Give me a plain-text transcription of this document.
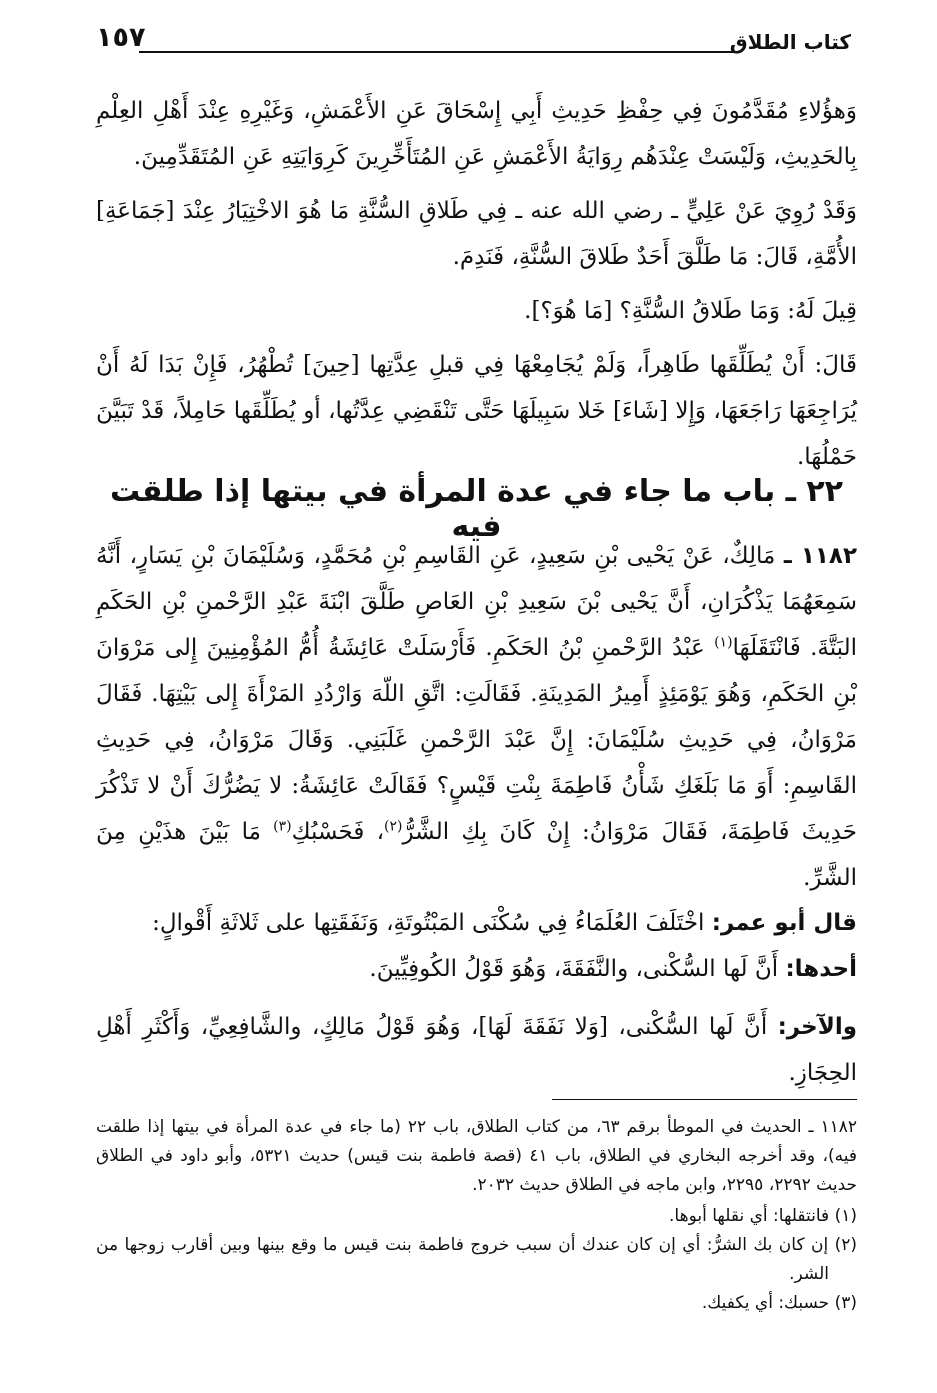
كتاب الطلاق
١٥٧

وَهؤُلاءِ مُقَدَّمُونَ فِي حِفْظِ حَدِيثِ أَبِي إِسْحَاقَ عَنِ الأَعْمَشِ، وَغَيْرِهِ عِنْدَ أَهْلِ العِلْمِ بِالحَدِيثِ، وَلَيْسَتْ عِنْدَهُم رِوَايَةُ الأَعْمَشِ عَنِ المُتَأَخِّرِينَ كَرِوَايَتِهِ عَنِ المُتَقَدِّمِينَ.

وَقَدْ رُوِيَ عَنْ عَلِيٍّ ـ رضي الله عنه ـ فِي طَلاقِ السُّنَّةِ مَا هُوَ الاخْتِيَارُ عِنْدَ [جَمَاعَةِ] الأُمَّةِ، قَالَ: مَا طَلَّقَ أَحَدٌ طَلاقَ السُّنَّةِ، فَنَدِمَ.

قِيلَ لَهُ: وَمَا طَلاقُ السُّنَّةِ؟ [مَا هُوَ؟].

قَالَ: أَنْ يُطَلِّقَها طَاهِراً، وَلَمْ يُجَامِعْهَا فِي قبلِ عِدَّتِها [حِينَ] تُطْهُرُ، فَإِنْ بَدَا لَهُ أَنْ يُرَاجِعَهَا رَاجَعَهَا، وَإِلا [شَاءَ] خَلا سَبِيلَهَا حَتَّى تَنْقَضِي عِدَّتُها، أو يُطَلِّقَها حَامِلاً، قَدْ تَبَيَّنَ حَمْلُهَا.

٢٢ ـ باب ما جاء في عدة المرأة في بيتها إذا طلقت فيه
١١٨٢ ـ مَالِكٌ، عَنْ يَحْيى بْنِ سَعِيدٍ، عَنِ القَاسِمِ بْنِ مُحَمَّدٍ، وَسُلَيْمَانَ بْنِ يَسَارٍ، أَنَّهُ سَمِعَهُمَا يَذْكُرَانِ، أَنَّ يَحْيى بْنَ سَعِيدِ بْنِ العَاصِ طَلَّقَ ابْنَةَ عَبْدِ الرَّحْمنِ بْنِ الحَكَمِ البَتَّةَ. فَانْتَقَلَهَا$^{(١)}$ عَبْدُ الرَّحْمنِ بْنُ الحَكَمِ. فَأَرْسَلَتْ عَائِشَةُ أُمُّ المُؤْمِنِينَ إِلى مَرْوَانَ بْنِ الحَكَمِ، وَهُوَ يَوْمَئِذٍ أَمِيرُ المَدِينَةِ. فَقَالَتِ: اتَّقِ اللّهَ وَارْدُدِ المَرْأَةَ إِلى بَيْتِهَا. فَقَالَ مَرْوَانُ، فِي حَدِيثِ سُلَيْمَانَ: إِنَّ عَبْدَ الرَّحْمنِ غَلَبَنِي. وَقَالَ مَرْوَانُ، فِي حَدِيثِ القَاسِمِ: أَوَ مَا بَلَغَكِ شَأْنُ فَاطِمَةَ بِنْتِ قَيْسٍ؟ فَقَالَتْ عَائِشَةُ: لا يَضُرُّكَ أَنْ لا تَذْكُرَ حَدِيثَ فَاطِمَةَ، فَقَالَ مَرْوَانُ: إِنْ كَانَ بِكِ الشَّرُّ$^{(٢)}$، فَحَسْبُكِ$^{(٣)}$ مَا بَيْنَ هذَيْنِ مِنَ الشَّرِّ.

قال أبو عمر: اخْتَلَفَ العُلَمَاءُ فِي سُكْنَى المَبْتُوتَةِ، وَنَفَقَتِها على ثَلاثَةِ أَقْوالٍ:

أحدها: أَنَّ لَها السُّكْنى، والنَّفَقَةَ، وَهُوَ قَوْلُ الكُوفِيِّينَ.

والآخر: أَنَّ لَها السُّكْنى، [وَلا نَفَقَةَ لَهَا]، وَهُوَ قَوْلُ مَالِكٍ، والشَّافِعِيِّ، وَأَكْثَرِ أَهْلِ الحِجَازِ.

١١٨٢ ـ الحديث في الموطأ برقم ٦٣، من كتاب الطلاق، باب ٢٢ (ما جاء في عدة المرأة في بيتها إذا طلقت فيه)، وقد أخرجه البخاري في الطلاق، باب ٤١ (قصة فاطمة بنت قيس) حديث ٥٣٢١، وأبو داود في الطلاق حديث ٢٢٩٢، ٢٢٩٥، وابن ماجه في الطلاق حديث ٢٠٣٢.

(١) فانتقلها: أي نقلها أبوها.

(٢) إن كان بك الشرُّ: أي إن كان عندك أن سبب خروج فاطمة بنت قيس ما وقع بينها وبين أقارب زوجها من الشر.

(٣) حسبك: أي يكفيك.
